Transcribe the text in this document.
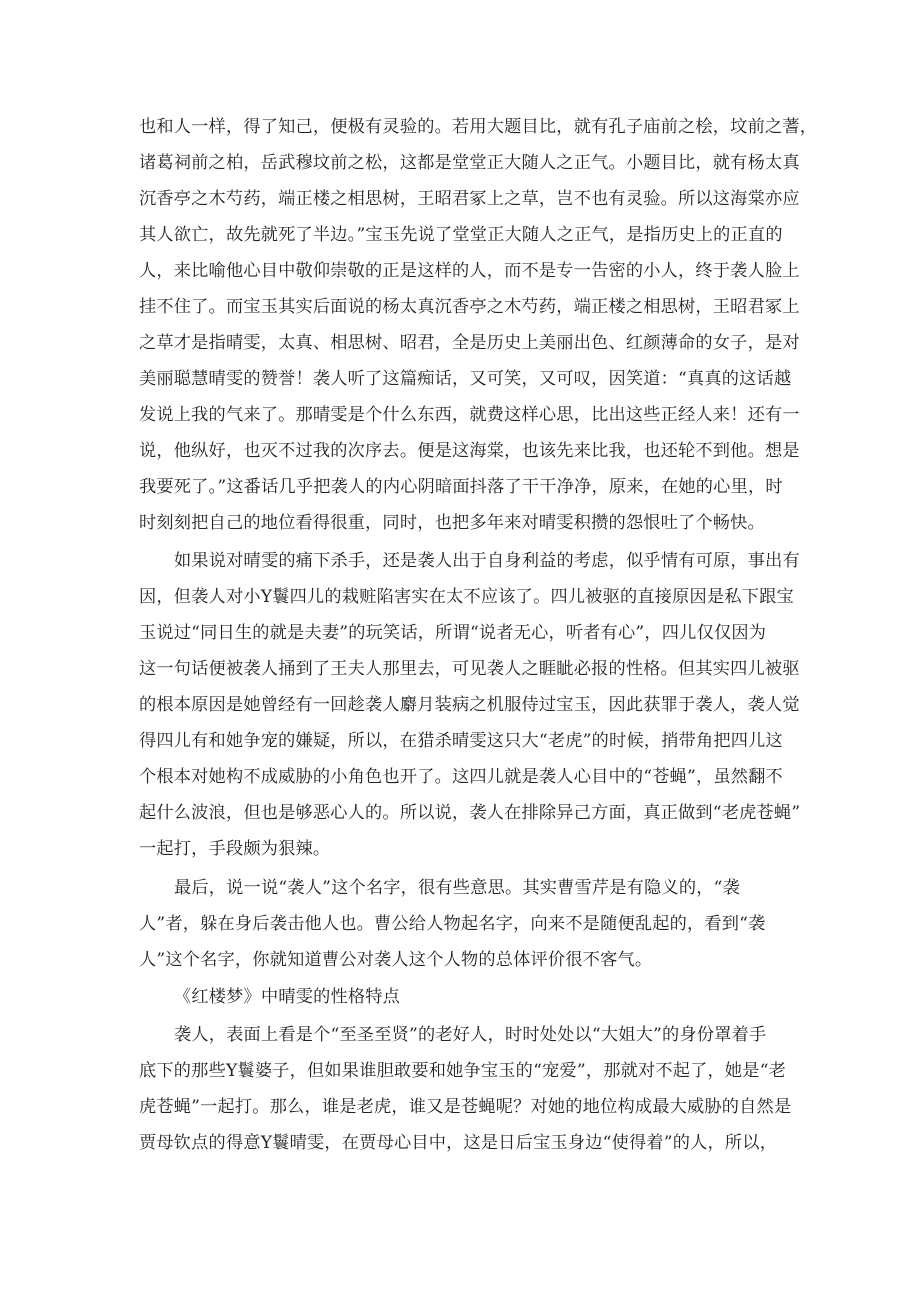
也和人一样，得了知己，便极有灵验的。若用大题目比，就有孔子庙前之桧，坟前之蓍，
诸葛祠前之柏，岳武穆坟前之松，这都是堂堂正大随人之正气。小题目比，就有杨太真
沉香亭之木芍药，端正楼之相思树，王昭君冢上之草，岂不也有灵验。所以这海棠亦应
其人欲亡，故先就死了半边。”宝玉先说了堂堂正大随人之正气，是指历史上的正直的
人，来比喻他心目中敬仰崇敬的正是这样的人，而不是专一告密的小人，终于袭人脸上
挂不住了。而宝玉其实后面说的杨太真沉香亭之木芍药，端正楼之相思树，王昭君冢上
之草才是指晴雯，太真、相思树、昭君，全是历史上美丽出色、红颜薄命的女子，是对
美丽聪慧晴雯的赞誉！袭人听了这篇痴话，又可笑，又可叹，因笑道：“真真的这话越
发说上我的气来了。那晴雯是个什么东西，就费这样心思，比出这些正经人来！还有一
说，他纵好，也灭不过我的次序去。便是这海棠，也该先来比我，也还轮不到他。想是
我要死了。”这番话几乎把袭人的内心阴暗面抖落了干干净净，原来，在她的心里，时
时刻刻把自己的地位看得很重，同时，也把多年来对晴雯积攒的怨恨吐了个畅快。
如果说对晴雯的痛下杀手，还是袭人出于自身利益的考虑，似乎情有可原，事出有
因，但袭人对小Y鬟四儿的栽赃陷害实在太不应该了。四儿被驱的直接原因是私下跟宝
玉说过“同日生的就是夫妻”的玩笑话，所谓“说者无心，听者有心”，四儿仅仅因为
这一句话便被袭人捅到了王夫人那里去，可见袭人之睚眦必报的性格。但其实四儿被驱
的根本原因是她曾经有一回趁袭人麝月装病之机服侍过宝玉，因此获罪于袭人，袭人觉
得四儿有和她争宠的嫌疑，所以，在猎杀晴雯这只大“老虎”的时候，捎带角把四儿这
个根本对她构不成威胁的小角色也开了。这四儿就是袭人心目中的“苍蝇”，虽然翻不
起什么波浪，但也是够恶心人的。所以说，袭人在排除异己方面，真正做到“老虎苍蝇”
一起打，手段颇为狠辣。
最后，说一说“袭人”这个名字，很有些意思。其实曹雪芹是有隐义的，“袭
人”者，躲在身后袭击他人也。曹公给人物起名字，向来不是随便乱起的，看到“袭
人”这个名字，你就知道曹公对袭人这个人物的总体评价很不客气。
《红楼梦》中晴雯的性格特点
袭人，表面上看是个“至圣至贤”的老好人，时时处处以“大姐大”的身份罩着手
底下的那些Y鬟婆子，但如果谁胆敢要和她争宝玉的“宠爱”，那就对不起了，她是“老
虎苍蝇”一起打。那么，谁是老虎，谁又是苍蝇呢？对她的地位构成最大威胁的自然是
贾母钦点的得意Y鬟晴雯，在贾母心目中，这是日后宝玉身边“使得着”的人，所以，
